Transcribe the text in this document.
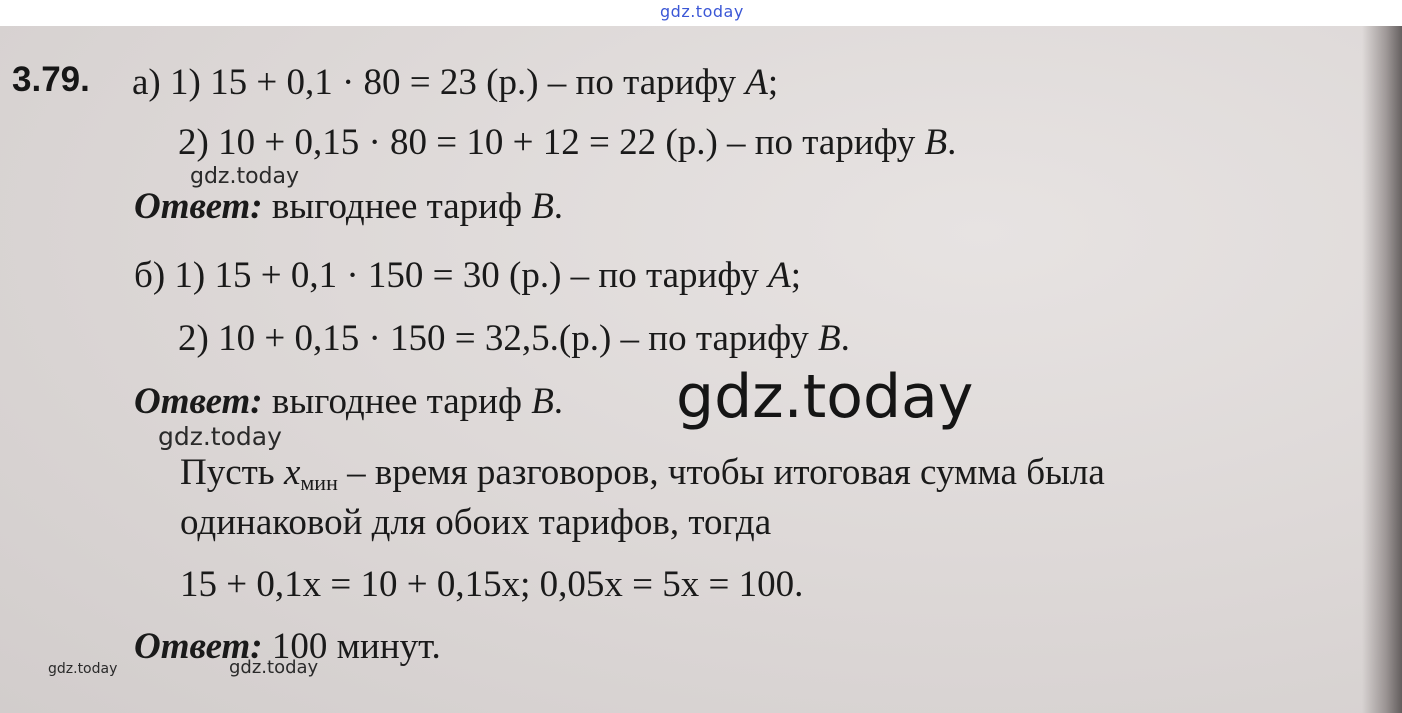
gdz.today
3.79. а) 1) 15 + 0,1 · 80 = 23 (р.) – по тарифу A;
2) 10 + 0,15 · 80 = 10 + 12 = 22 (р.) – по тарифу B.
Ответ: выгоднее тариф B.
б) 1) 15 + 0,1 · 150 = 30 (р.) – по тарифу A;
2) 10 + 0,15 · 150 = 32,5.(р.) – по тарифу B.
Ответ: выгоднее тариф B.
Пусть $x_{мин}$ – время разговоров, чтобы итоговая сумма была
одинаковой для обоих тарифов, тогда
15 + 0,1x = 10 + 0,15x; 0,05x = 5x = 100.
Ответ: 100 минут.
gdz.today
gdz.today
gdz.today
gdz.today	gdz.today
